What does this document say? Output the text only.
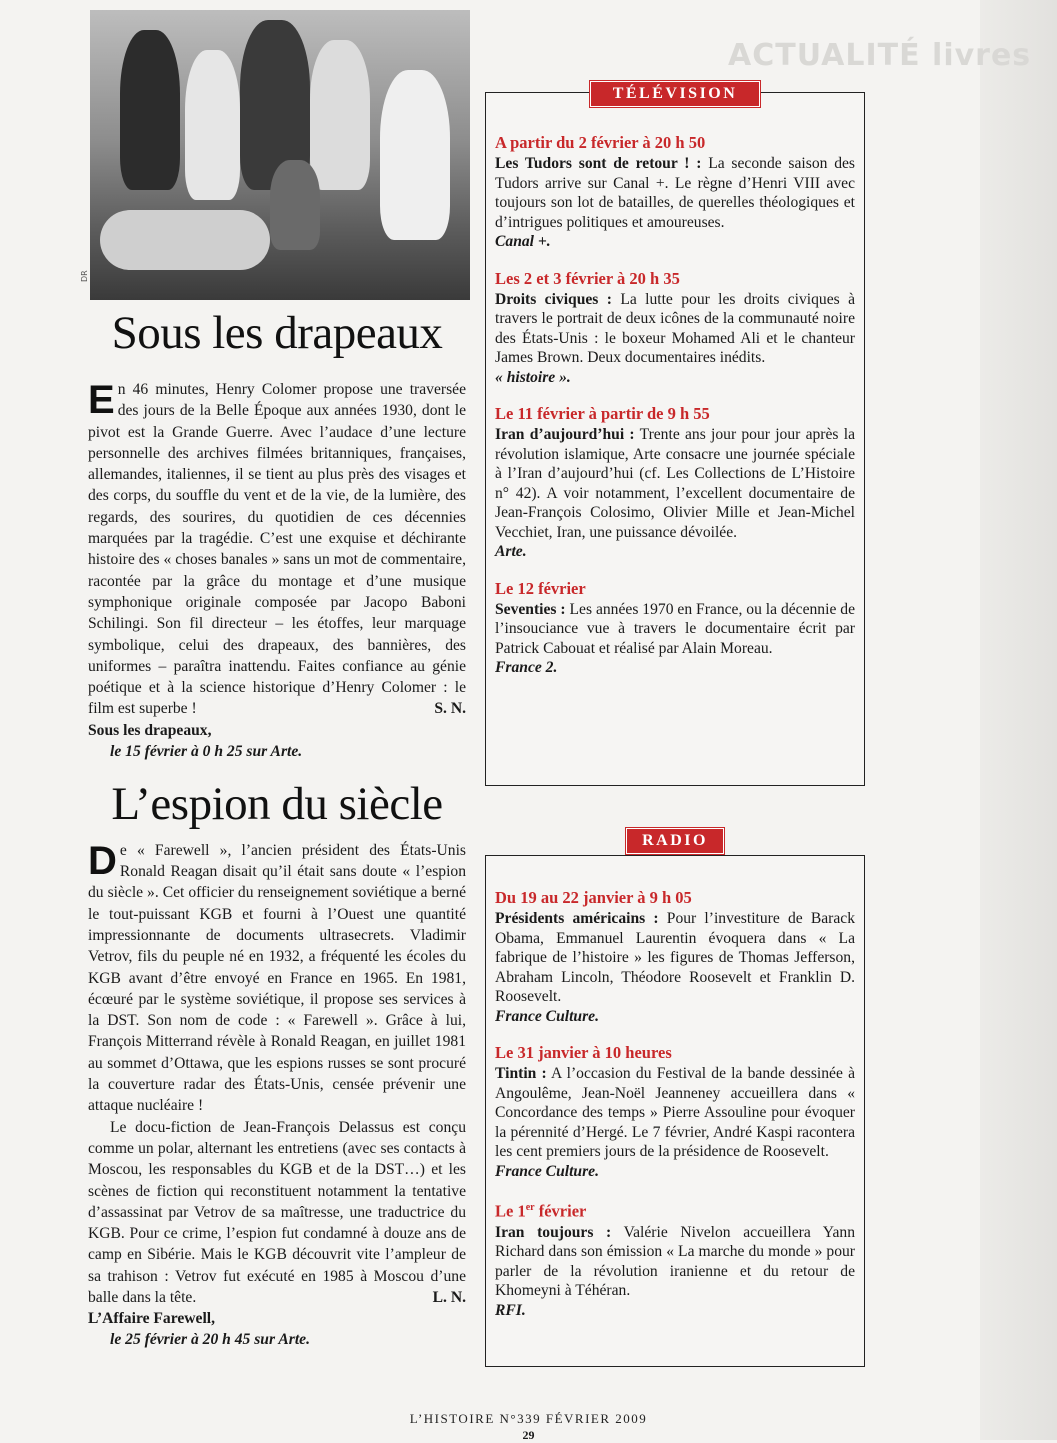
ACTUALITÉ livres
DR
Sous les drapeaux

En 46 minutes, Henry Colomer propose une traversée des jours de la Belle Époque aux années 1930, dont le pivot est la Grande Guerre. Avec l’audace d’une lecture personnelle des archives filmées britanniques, françaises, allemandes, italiennes, il se tient au plus près des visages et des corps, du souffle du vent et de la vie, de la lumière, des regards, des sourires, du quotidien de ces décennies marquées par la tragédie. C’est une exquise et déchirante histoire des « choses banales » sans un mot de commentaire, racontée par la grâce du montage et d’une musique symphonique originale composée par Jacopo Baboni Schilingi. Son fil directeur – les étoffes, leur marquage symbolique, celui des drapeaux, des bannières, des uniformes – paraîtra inattendu. Faites confiance au génie poétique et à la science historique d’Henry Colomer : le film est superbe !	S. N.

Sous les drapeaux,

le 15 février à 0 h 25 sur Arte.

L’espion du siècle

De « Farewell », l’ancien président des États-Unis Ronald Reagan disait qu’il était sans doute « l’espion du siècle ». Cet officier du renseignement soviétique a berné le tout-puissant KGB et fourni à l’Ouest une quantité impressionnante de documents ultrasecrets. Vladimir Vetrov, fils du peuple né en 1932, a fréquenté les écoles du KGB avant d’être envoyé en France en 1965. En 1981, écœuré par le système soviétique, il propose ses services à la DST. Son nom de code : « Farewell ». Grâce à lui, François Mitterrand révèle à Ronald Reagan, en juillet 1981 au sommet d’Ottawa, que les espions russes se sont procuré la couverture radar des États-Unis, censée prévenir une attaque nucléaire !

Le docu-fiction de Jean-François Delassus est conçu comme un polar, alternant les entretiens (avec ses contacts à Moscou, les responsables du KGB et de la DST…) et les scènes de fiction qui reconstituent notamment la tentative d’assassinat par Vetrov de sa maîtresse, une traductrice du KGB. Pour ce crime, l’espion fut condamné à douze ans de camp en Sibérie. Mais le KGB découvrit vite l’ampleur de sa trahison : Vetrov fut exécuté en 1985 à Moscou d’une balle dans la tête.	L. N.

L’Affaire Farewell,

le 25 février à 20 h 45 sur Arte.

TÉLÉVISION
A partir du 2 février à 20 h 50

Les Tudors sont de retour ! : La seconde saison des Tudors arrive sur Canal +. Le règne d’Henri VIII avec toujours son lot de batailles, de querelles théologiques et d’intrigues politiques et amoureuses.
Canal +.

Les 2 et 3 février à 20 h 35

Droits civiques : La lutte pour les droits civiques à travers le portrait de deux icônes de la communauté noire des États-Unis : le boxeur Mohamed Ali et le chanteur James Brown. Deux documentaires inédits.
« histoire ».

Le 11 février à partir de 9 h 55

Iran d’aujourd’hui : Trente ans jour pour jour après la révolution islamique, Arte consacre une journée spéciale à l’Iran d’aujourd’hui (cf. Les Collections de L’Histoire n° 42). A voir notamment, l’excellent documentaire de Jean-François Colosimo, Olivier Mille et Jean-Michel Vecchiet, Iran, une puissance dévoilée.
Arte.

Le 12 février

Seventies : Les années 1970 en France, ou la décennie de l’insouciance vue à travers le documentaire écrit par Patrick Cabouat et réalisé par Alain Moreau.
France 2.

RADIO
Du 19 au 22 janvier à 9 h 05

Présidents américains : Pour l’investiture de Barack Obama, Emmanuel Laurentin évoquera dans « La fabrique de l’histoire » les figures de Thomas Jefferson, Abraham Lincoln, Théodore Roosevelt et Franklin D. Roosevelt.
France Culture.

Le 31 janvier à 10 heures

Tintin : A l’occasion du Festival de la bande dessinée à Angoulême, Jean-Noël Jeanneney accueillera dans « Concordance des temps » Pierre Assouline pour évoquer la pérennité d’Hergé. Le 7 février, André Kaspi racontera les cent premiers jours de la présidence de Roosevelt.
France Culture.

Le 1er février

Iran toujours : Valérie Nivelon accueillera Yann Richard dans son émission « La marche du monde » pour parler de la révolution iranienne et du retour de Khomeyni à Téhéran.
RFI.

L’HISTOIRE N°339 FÉVRIER 2009
29
